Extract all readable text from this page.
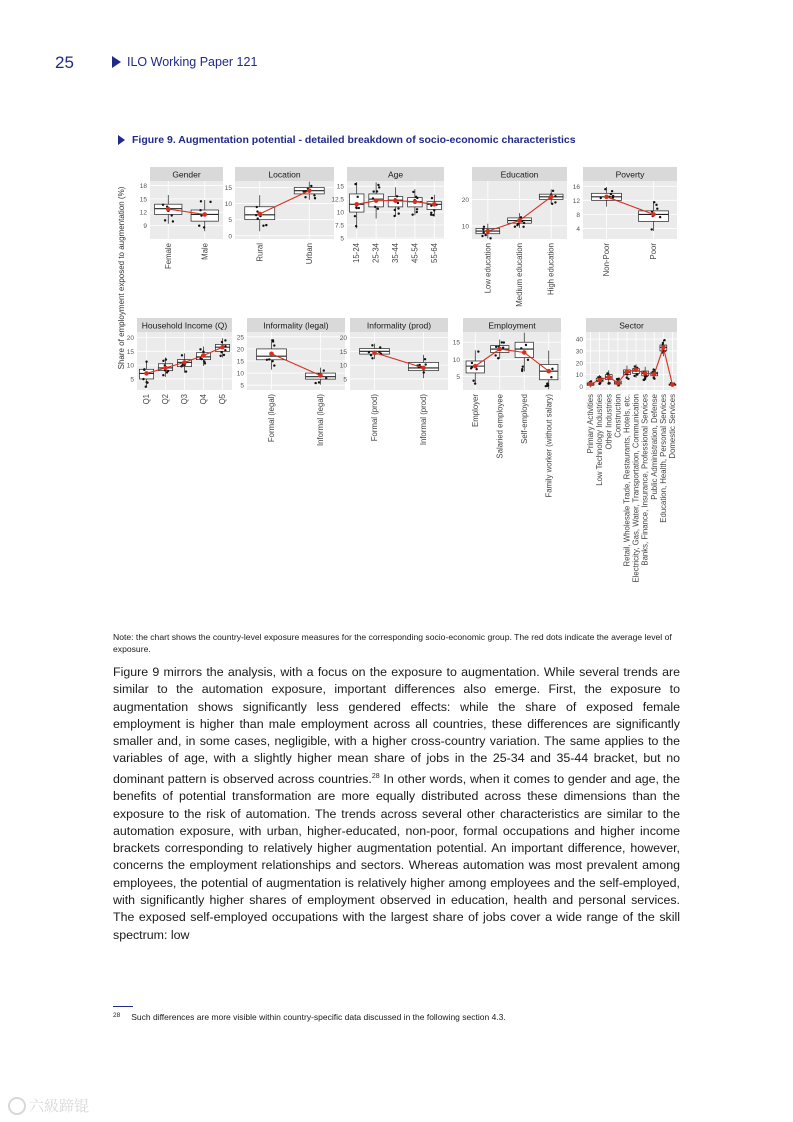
25	ILO Working Paper 121
Figure 9. Augmentation potential - detailed breakdown of socio-economic characteristics
Share of employment exposed to augmentation (%)
Gender
9
12
15
18
Female	Male
Location
0
5
10
15
Rural	Urban
Age
5
7.5
10
12.5
15
15-24 25-34 35-44 45-54 55-64
Education
10
20
Low education	Medium education	High education
Poverty
4
8
12
16
Non-Poor	Poor
Household Income (Q)
5
10
15
20
Q1 Q2 Q3 Q4 Q5
Informality (legal)
5
10
15
20
25
Formal (legal)	Informal (legal)
Informality (prod)
5
10
15
20
Formal (prod)	Informal (prod)
Employment
5
10
15
Employer Salaried employee Self-employed Family worker (without salary)
Sector
0
10
20
30
40
Primary Activities Low Technology Industries Other Industries Construction Retail, Wholesale Trade, Restaurants, Hotels, etc. Electricity, Gas, Water, Transportation, Communication Banks, Finance, Insurance, Professional Services Public Administration, Defense Education, Health, Personal Services Domestic Services
Note: the chart shows the country-level exposure measures for the corresponding socio-economic group. The red dots indicate the average level of exposure.
Figure 9 mirrors the analysis, with a focus on the exposure to augmentation. While several trends are similar to the automation exposure, important differences also emerge. First, the exposure to augmentation shows significantly less gendered effects: while the share of exposed female employment is higher than male employment across all countries, these differences are significantly smaller and, in some cases, negligible, with a higher cross-country variation. The same applies to the variables of age, with a slightly higher mean share of jobs in the 25-34 and 35-44 bracket, but no dominant pattern is observed across countries.$^{28}$ In other words, when it comes to gender and age, the benefits of potential transformation are more equally distributed across these dimensions than the exposure to the risk of automation. The trends across several other characteristics are similar to the automation exposure, with urban, higher-educated, non-poor, formal occupations and higher income brackets corresponding to relatively higher augmentation potential. An important difference, however, concerns the employment relationships and sectors. Whereas automation was most prevalent among employees, the potential of augmentation is relatively higher among employees and the self-employed, with significantly higher shares of employment observed in education, health and personal services. The exposed self-employed occupations with the largest share of jobs cover a wide range of the skill spectrum: low
28 Such differences are more visible within country-specific data discussed in the following section 4.3.
六級蹄锟
